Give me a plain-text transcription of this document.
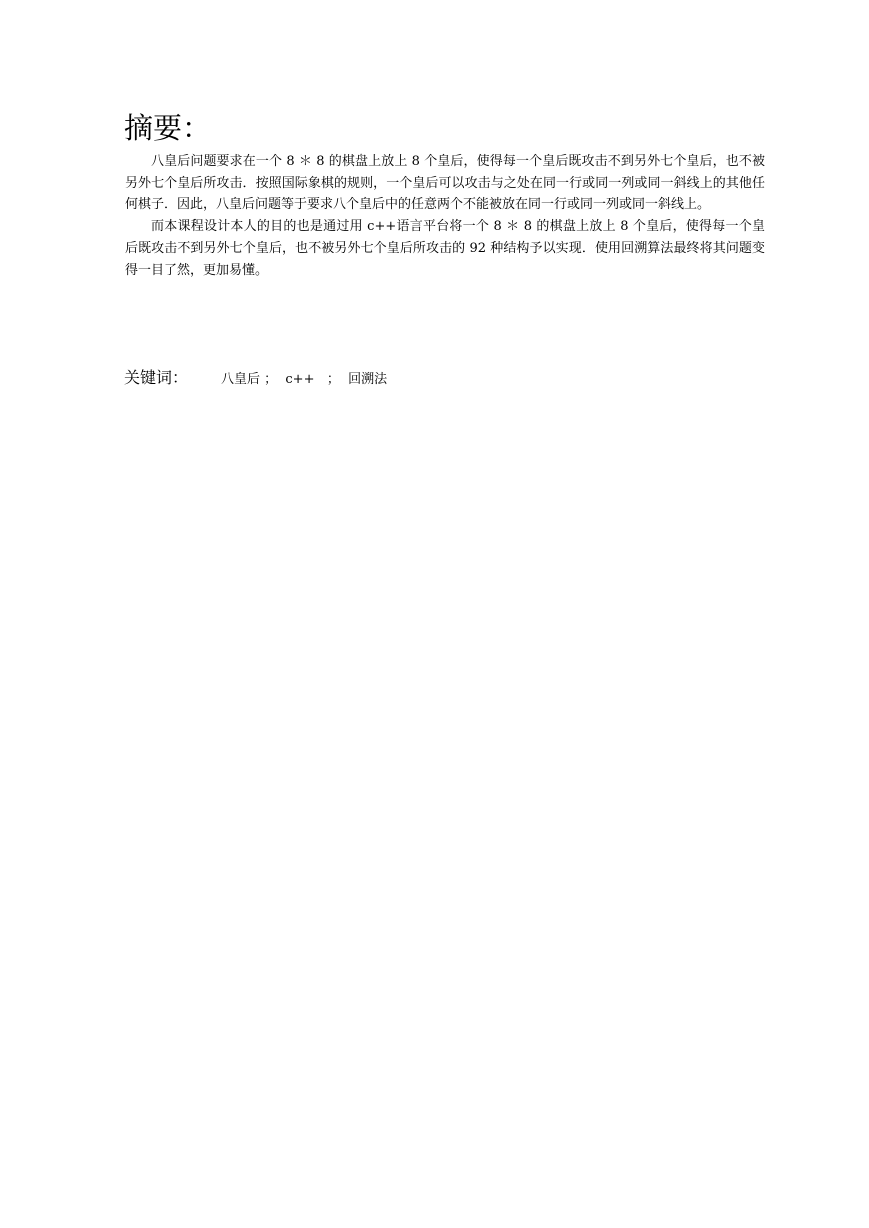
摘要：

八皇后问题要求在一个 8 ＊ 8 的棋盘上放上 8 个皇后，使得每一个皇后既攻击不到另外七个皇后，也不被另外七个皇后所攻击．按照国际象棋的规则，一个皇后可以攻击与之处在同一行或同一列或同一斜线上的其他任何棋子．因此，八皇后问题等于要求八个皇后中的任意两个不能被放在同一行或同一列或同一斜线上。

而本课程设计本人的目的也是通过用 c++语言平台将一个 8 ＊ 8 的棋盘上放上 8 个皇后，使得每一个皇后既攻击不到另外七个皇后，也不被另外七个皇后所攻击的 92 种结构予以实现．使用回溯算法最终将其问题变得一目了然，更加易懂。

关键词：	八皇后 ；  c++   ；  回溯法
